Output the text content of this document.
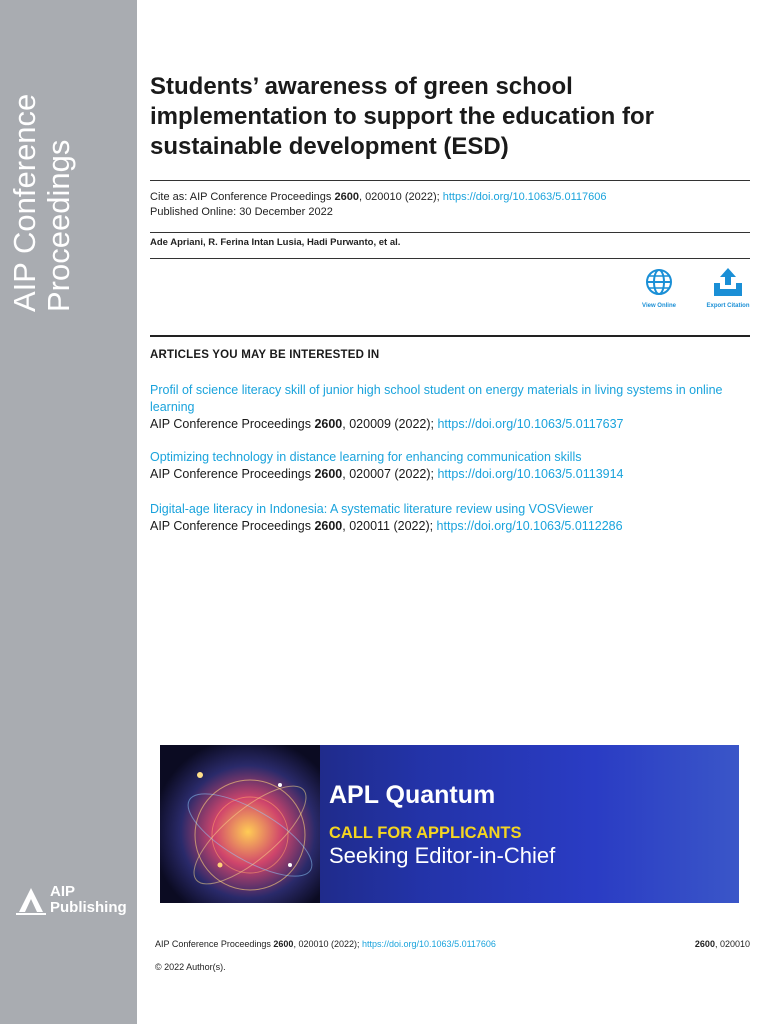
AIP Conference Proceedings
AIP
Publishing
Students’ awareness of green school implementation to support the education for sustainable development (ESD)
Cite as: AIP Conference Proceedings 2600, 020010 (2022); https://doi.org/10.1063/5.0117606
Published Online: 30 December 2022
Ade Apriani, R. Ferina Intan Lusia, Hadi Purwanto, et al.
View Online	Export Citation
ARTICLES YOU MAY BE INTERESTED IN
Profil of science literacy skill of junior high school student on energy materials in living systems in online learning
AIP Conference Proceedings 2600, 020009 (2022); https://doi.org/10.1063/5.0117637
Optimizing technology in distance learning for enhancing communication skills
AIP Conference Proceedings 2600, 020007 (2022); https://doi.org/10.1063/5.0113914
Digital-age literacy in Indonesia: A systematic literature review using VOSViewer
AIP Conference Proceedings 2600, 020011 (2022); https://doi.org/10.1063/5.0112286
APL Quantum
CALL FOR APPLICANTS
Seeking Editor-in-Chief
AIP Conference Proceedings 2600, 020010 (2022); https://doi.org/10.1063/5.0117606	2600, 020010
© 2022 Author(s).
